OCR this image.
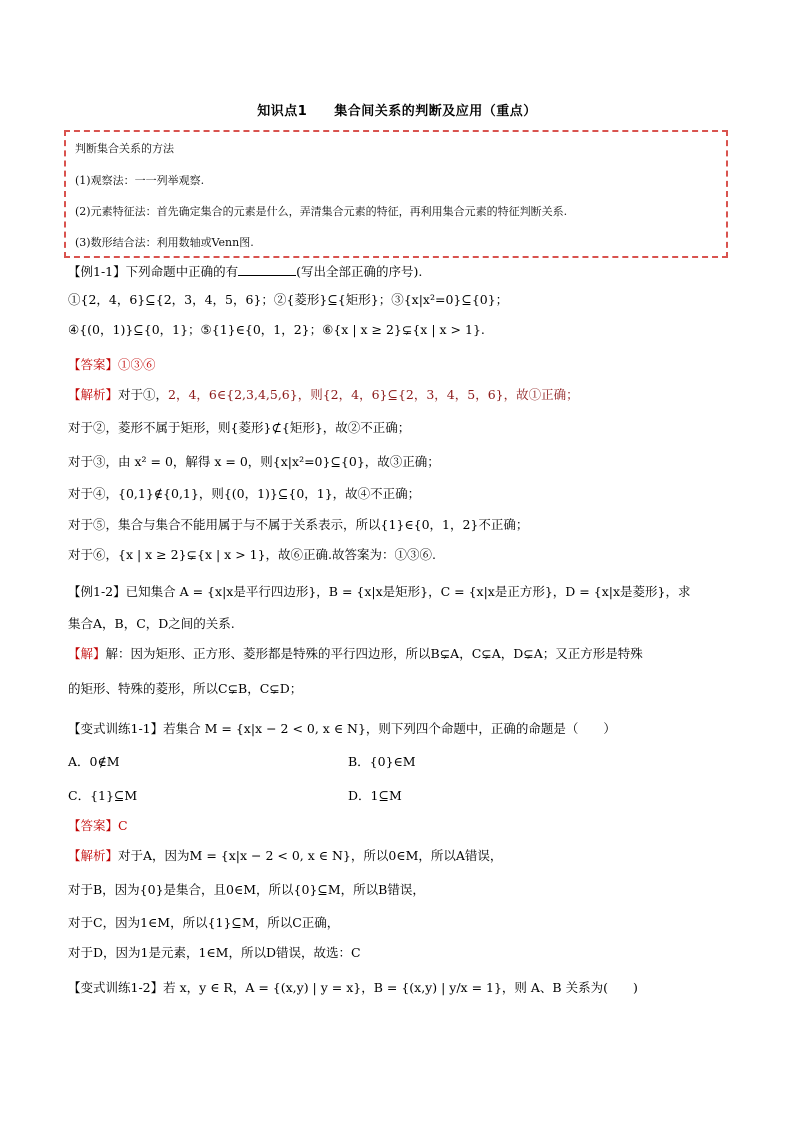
知识点1　　集合间关系的判断及应用（重点）
判断集合关系的方法
(1)观察法：一一列举观察.
(2)元素特征法：首先确定集合的元素是什么，弄清集合元素的特征，再利用集合元素的特征判断关系.
(3)数形结合法：利用数轴或Venn图.
【例1-1】下列命题中正确的有	(写出全部正确的序号).
①{2，4，6}⊆{2，3，4，5，6}；②{菱形}⊆{矩形}；③{x|x²=0}⊆{0}；
④{(0，1)}⊆{0，1}；⑤{1}∈{0，1，2}；⑥{x | x ≥ 2}⊊{x | x > 1}.
【答案】①③⑥
【解析】对于①，2，4，6∈{2,3,4,5,6}，则{2，4，6}⊆{2，3，4，5，6}，故①正确；
对于②，菱形不属于矩形，则{菱形}⊄{矩形}，故②不正确；
对于③，由 x² = 0，解得 x = 0，则{x|x²=0}⊆{0}，故③正确；
对于④，{0,1}∉{0,1}，则{(0，1)}⊆{0，1}，故④不正确；
对于⑤，集合与集合不能用属于与不属于关系表示，所以{1}∈{0，1，2}不正确；
对于⑥，{x | x ≥ 2}⊊{x | x > 1}，故⑥正确.故答案为：①③⑥.
【例1-2】已知集合 A = {x|x是平行四边形}，B = {x|x是矩形}，C = {x|x是正方形}，D = {x|x是菱形}，求
集合A，B，C，D之间的关系.
【解】解：因为矩形、正方形、菱形都是特殊的平行四边形，所以B⊊A，C⊊A，D⊊A；又正方形是特殊
的矩形、特殊的菱形，所以C⊊B，C⊊D；
【变式训练1-1】若集合 M = {x|x − 2 < 0, x ∈ N}，则下列四个命题中，正确的命题是（　　）
A．0∉M	B．{0}∈M
C．{1}⊆M	D．1⊆M
【答案】C
【解析】对于A，因为M = {x|x − 2 < 0, x ∈ N}，所以0∈M，所以A错误，
对于B，因为{0}是集合，且0∈M，所以{0}⊆M，所以B错误，
对于C，因为1∈M，所以{1}⊆M，所以C正确，
对于D，因为1是元素，1∈M，所以D错误，故选：C
【变式训练1-2】若 x，y ∈ R，A = {(x,y) | y = x}，B = {(x,y) | y/x = 1}，则 A、B 关系为(　　)
